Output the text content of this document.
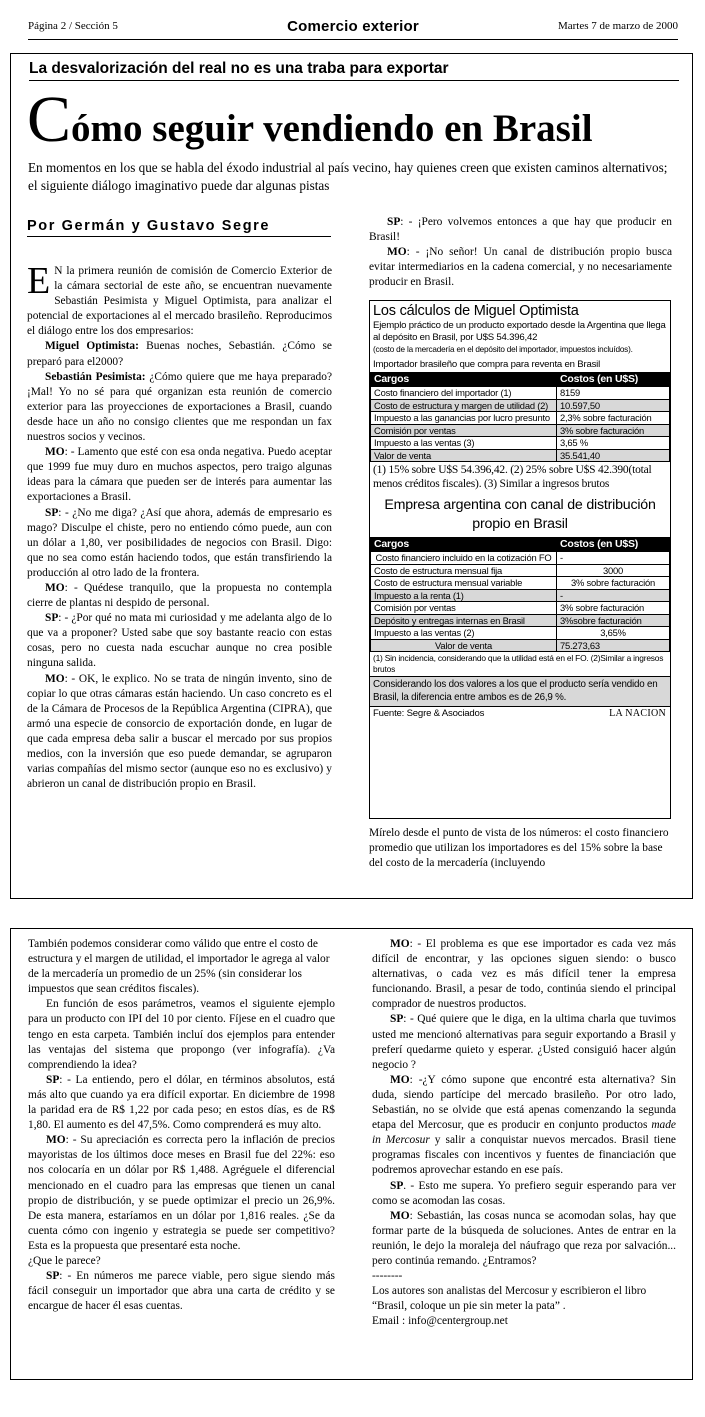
Página 2 / Sección 5	Comercio exterior	Martes 7 de marzo de 2000
La desvalorización del real no es una traba para exportar
Cómo seguir vendiendo en Brasil
En momentos en los que se habla del éxodo industrial al país vecino, hay quienes creen que existen caminos alternativos; el siguiente diálogo imaginativo puede dar algunas pistas
Por Germán y Gustavo Segre

E N la primera reunión de comisión de Comercio Exterior de la cámara sectorial de este año, se encuentran nuevamente Sebastián Pesimista y Miguel Optimista, para analizar el potencial de exportaciones al el mercado brasileño. Reproducimos el diálogo entre los dos empresarios:

Miguel Optimista: Buenas noches, Sebastián. ¿Cómo se preparó para el2000?

Sebastián Pesimista: ¿Cómo quiere que me haya preparado? ¡Mal! Yo no sé para qué organizan esta reunión de comercio exterior para las proyecciones de exportaciones a Brasil, cuando desde hace un año no consigo clientes que me respondan un fax nuestros socios y vecinos.

MO: - Lamento que esté con esa onda negativa. Puedo aceptar que 1999 fue muy duro en muchos aspectos, pero traigo algunas ideas para la cámara que pueden ser de interés para aumentar las exportaciones a Brasil.

SP: - ¿No me diga? ¿Así que ahora, además de empresario es mago? Disculpe el chiste, pero no entiendo cómo puede, aun con un dólar a 1,80, ver posibilidades de negocios con Brasil. Digo: que no sea como están haciendo todos, que están transfiriendo la producción al otro lado de la frontera.

MO: - Quédese tranquilo, que la propuesta no contempla cierre de plantas ni despido de personal.

SP: - ¿Por qué no mata mi curiosidad y me adelanta algo de lo que va a proponer? Usted sabe que soy bastante reacio con estas cosas, pero no cuesta nada escuchar aunque no crea posible ninguna salida.

MO: - OK, le explico. No se trata de ningún invento, sino de copiar lo que otras cámaras están haciendo. Un caso concreto es el de la Cámara de Procesos de la República Argentina (CIPRA), que armó una especie de consorcio de exportación donde, en lugar de que cada empresa deba salir a buscar el mercado por sus propios medios, con la inversión que eso puede demandar, se agruparon varias compañías del mismo sector (aunque eso no es exclusivo) y abrieron un canal de distribución propio en Brasil.

SP: - ¡Pero volvemos entonces a que hay que producir en Brasil!

MO: - ¡No señor! Un canal de distribución propio busca evitar intermediarios en la cadena comercial, y no necesariamente producir en Brasil.

Los cálculos de Miguel Optimista
Ejemplo práctico de un producto exportado desde la Argentina que llega al depósito en Brasil, por U$S 54.396,42
(costo de la mercadería en el depósito del importador, impuestos incluídos).
Importador brasileño que compra para reventa en Brasil
Cargos	Costos (en U$S)
Costo financiero del importador (1)	8159
Costo de estructura y margen de utilidad (2)	10.597,50
Impuesto a las ganancias por lucro presunto	2,3% sobre facturación
Comisión por ventas	3% sobre facturación
Impuesto a las ventas (3)	3,65 %
Valor de venta	35.541,40
(1) 15% sobre U$S 54.396,42. (2) 25% sobre U$S 42.390(total menos créditos fiscales). (3) Similar a ingresos brutos
Empresa argentina con canal de distribución propio en Brasil
Cargos	Costos (en U$S)
Costo financiero incluido en la cotización FO	-
Costo de estructura mensual fija	3000
Costo de estructura mensual variable	3% sobre facturación
Impuesto a la renta (1)	-
Comisión por ventas	3% sobre facturación
Depósito y entregas internas en Brasil	3%sobre facturación
Impuesto a las ventas (2)	3,65%
Valor de venta	75.273,63
(1) Sin incidencia, considerando que la utilidad está en el FO. (2)Similar a ingresos brutos
Considerando los dos valores a los que el producto sería vendido en Brasil, la diferencia entre ambos es de 26,9 %.
Fuente: Segre & Asociados	LA NACION

Mírelo desde el punto de vista de los números: el costo financiero promedio que utilizan los importadores es del 15% sobre la base del costo de la mercadería (incluyendo

También podemos considerar como válido que entre el costo de estructura y el margen de utilidad, el importador le agrega al valor de la mercadería un promedio de un 25% (sin considerar los impuestos que sean créditos fiscales).

En función de esos parámetros, veamos el siguiente ejemplo para un producto con IPI del 10 por ciento. Fíjese en el cuadro que tengo en esta carpeta. También incluí dos ejemplos para entender las ventajas del sistema que propongo (ver infografía). ¿Va comprendiendo la idea?

SP: - La entiendo, pero el dólar, en términos absolutos, está más alto que cuando ya era difícil exportar. En diciembre de 1998 la paridad era de R$ 1,22 por cada peso; en estos días, es de R$ 1,80. El aumento es del 47,5%. Como comprenderá es muy alto.

MO: - Su apreciación es correcta pero la inflación de precios mayoristas de los últimos doce meses en Brasil fue del 22%: eso nos colocaría en un dólar por R$ 1,488. Agréguele el diferencial mencionado en el cuadro para las empresas que tienen un canal propio de distribución, y se puede optimizar el precio un 26,9%. De esta manera, estaríamos en un dólar por 1,816 reales. ¿Se da cuenta cómo con ingenio y estrategia se puede ser competitivo? Esta es la propuesta que presentaré esta noche.

¿Que le parece?

SP: - En números me parece viable, pero sigue siendo más fácil conseguir un importador que abra una carta de crédito y se encargue de hacer él esas cuentas.

MO: - El problema es que ese importador es cada vez más difícil de encontrar, y las opciones siguen siendo: o busco alternativas, o cada vez es más difícil tener la empresa funcionando. Brasil, a pesar de todo, continúa siendo el principal comprador de nuestros productos.

SP: - Qué quiere que le diga, en la ultima charla que tuvimos usted me mencionó alternativas para seguir exportando a Brasil y preferí quedarme quieto y esperar. ¿Usted consiguió hacer algún negocio ?

MO: -¿Y cómo supone que encontré esta alternativa? Sin duda, siendo partícipe del mercado brasileño. Por otro lado, Sebastián, no se olvide que está apenas comenzando la segunda etapa del Mercosur, que es producir en conjunto productos made in Mercosur y salir a conquistar nuevos mercados. Brasil tiene programas fiscales con incentivos y fuentes de financiación que podremos aprovechar estando en ese país.

SP. - Esto me supera. Yo prefiero seguir esperando para ver como se acomodan las cosas.

MO: Sebastián, las cosas nunca se acomodan solas, hay que formar parte de la búsqueda de soluciones. Antes de entrar en la reunión, le dejo la moraleja del náufrago que reza por salvación... pero continúa remando. ¿Entramos?

--------

Los autores son analistas del Mercosur y escribieron el libro “Brasil, coloque un pie sin meter la pata” .

Email : info@centergroup.net
